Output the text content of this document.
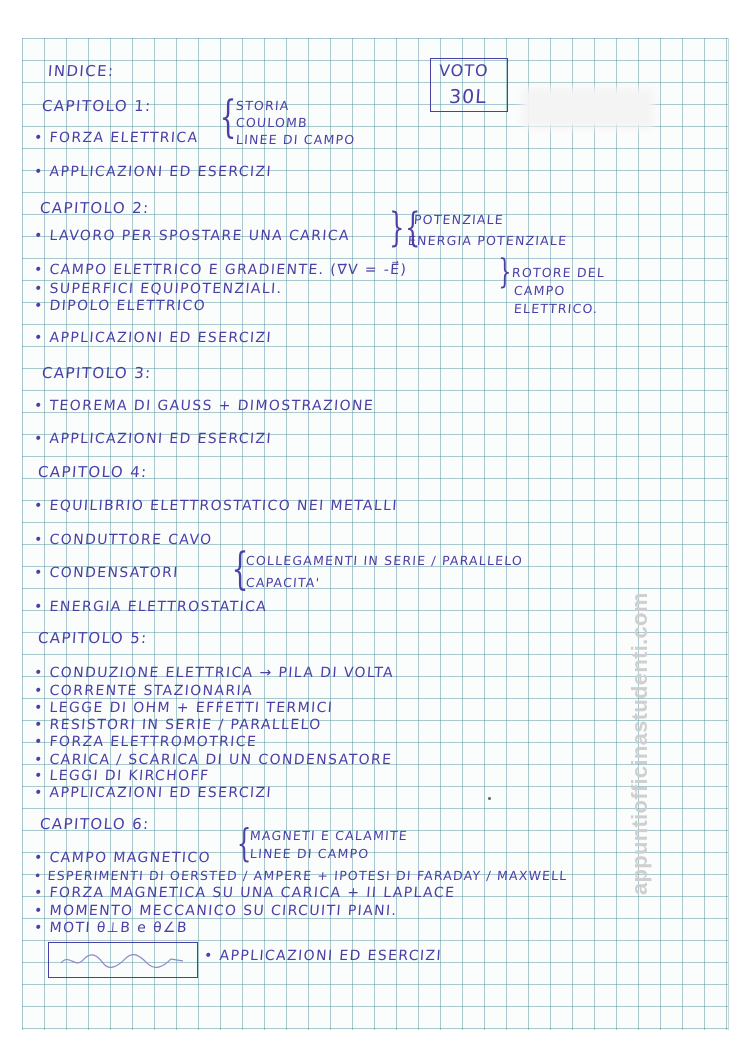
INDICE:	VOTO
30L
CAPITOLO 1: { STORIA
COULOMB
LINEE DI CAMPO
• FORZA ELETTRICA
• APPLICAZIONI ED ESERCIZI
CAPITOLO 2:
• LAVORO PER SPOSTARE UNA CARICA } {
POTENZIALE
ENERGIA POTENZIALE
• CAMPO ELETTRICO E GRADIENTE. (∇⃗V = -E⃗)	} ROTORE DEL
CAMPO
ELETTRICO.
• SUPERFICI EQUIPOTENZIALI.
• DIPOLO ELETTRICO
• APPLICAZIONI ED ESERCIZI
CAPITOLO 3:
• TEOREMA DI GAUSS + DIMOSTRAZIONE
• APPLICAZIONI ED ESERCIZI
CAPITOLO 4:
• EQUILIBRIO ELETTROSTATICO NEI METALLI
• CONDUTTORE CAVO
• CONDENSATORI {
COLLEGAMENTI IN SERIE / PARALLELO
CAPACITA'
• ENERGIA ELETTROSTATICA
CAPITOLO 5:
• CONDUZIONE ELETTRICA → PILA DI VOLTA
• CORRENTE STAZIONARIA
• LEGGE DI OHM + EFFETTI TERMICI
• RESISTORI IN SERIE / PARALLELO
• FORZA ELETTROMOTRICE
• CARICA / SCARICA DI UN CONDENSATORE
• LEGGI DI KIRCHOFF
• APPLICAZIONI ED ESERCIZI
CAPITOLO 6: {
MAGNETI E CALAMITE
LINEE DI CAMPO
• CAMPO MAGNETICO
• ESPERIMENTI DI OERSTED / AMPERE + IPOTESI DI FARADAY / MAXWELL
• FORZA MAGNETICA SU UNA CARICA + II LAPLACE
• MOMENTO MECCANICO SU CIRCUITI PIANI.
• MOTI θ⊥B e θ∠B
• APPLICAZIONI ED ESERCIZI
appuntiofficinastudenti.com
